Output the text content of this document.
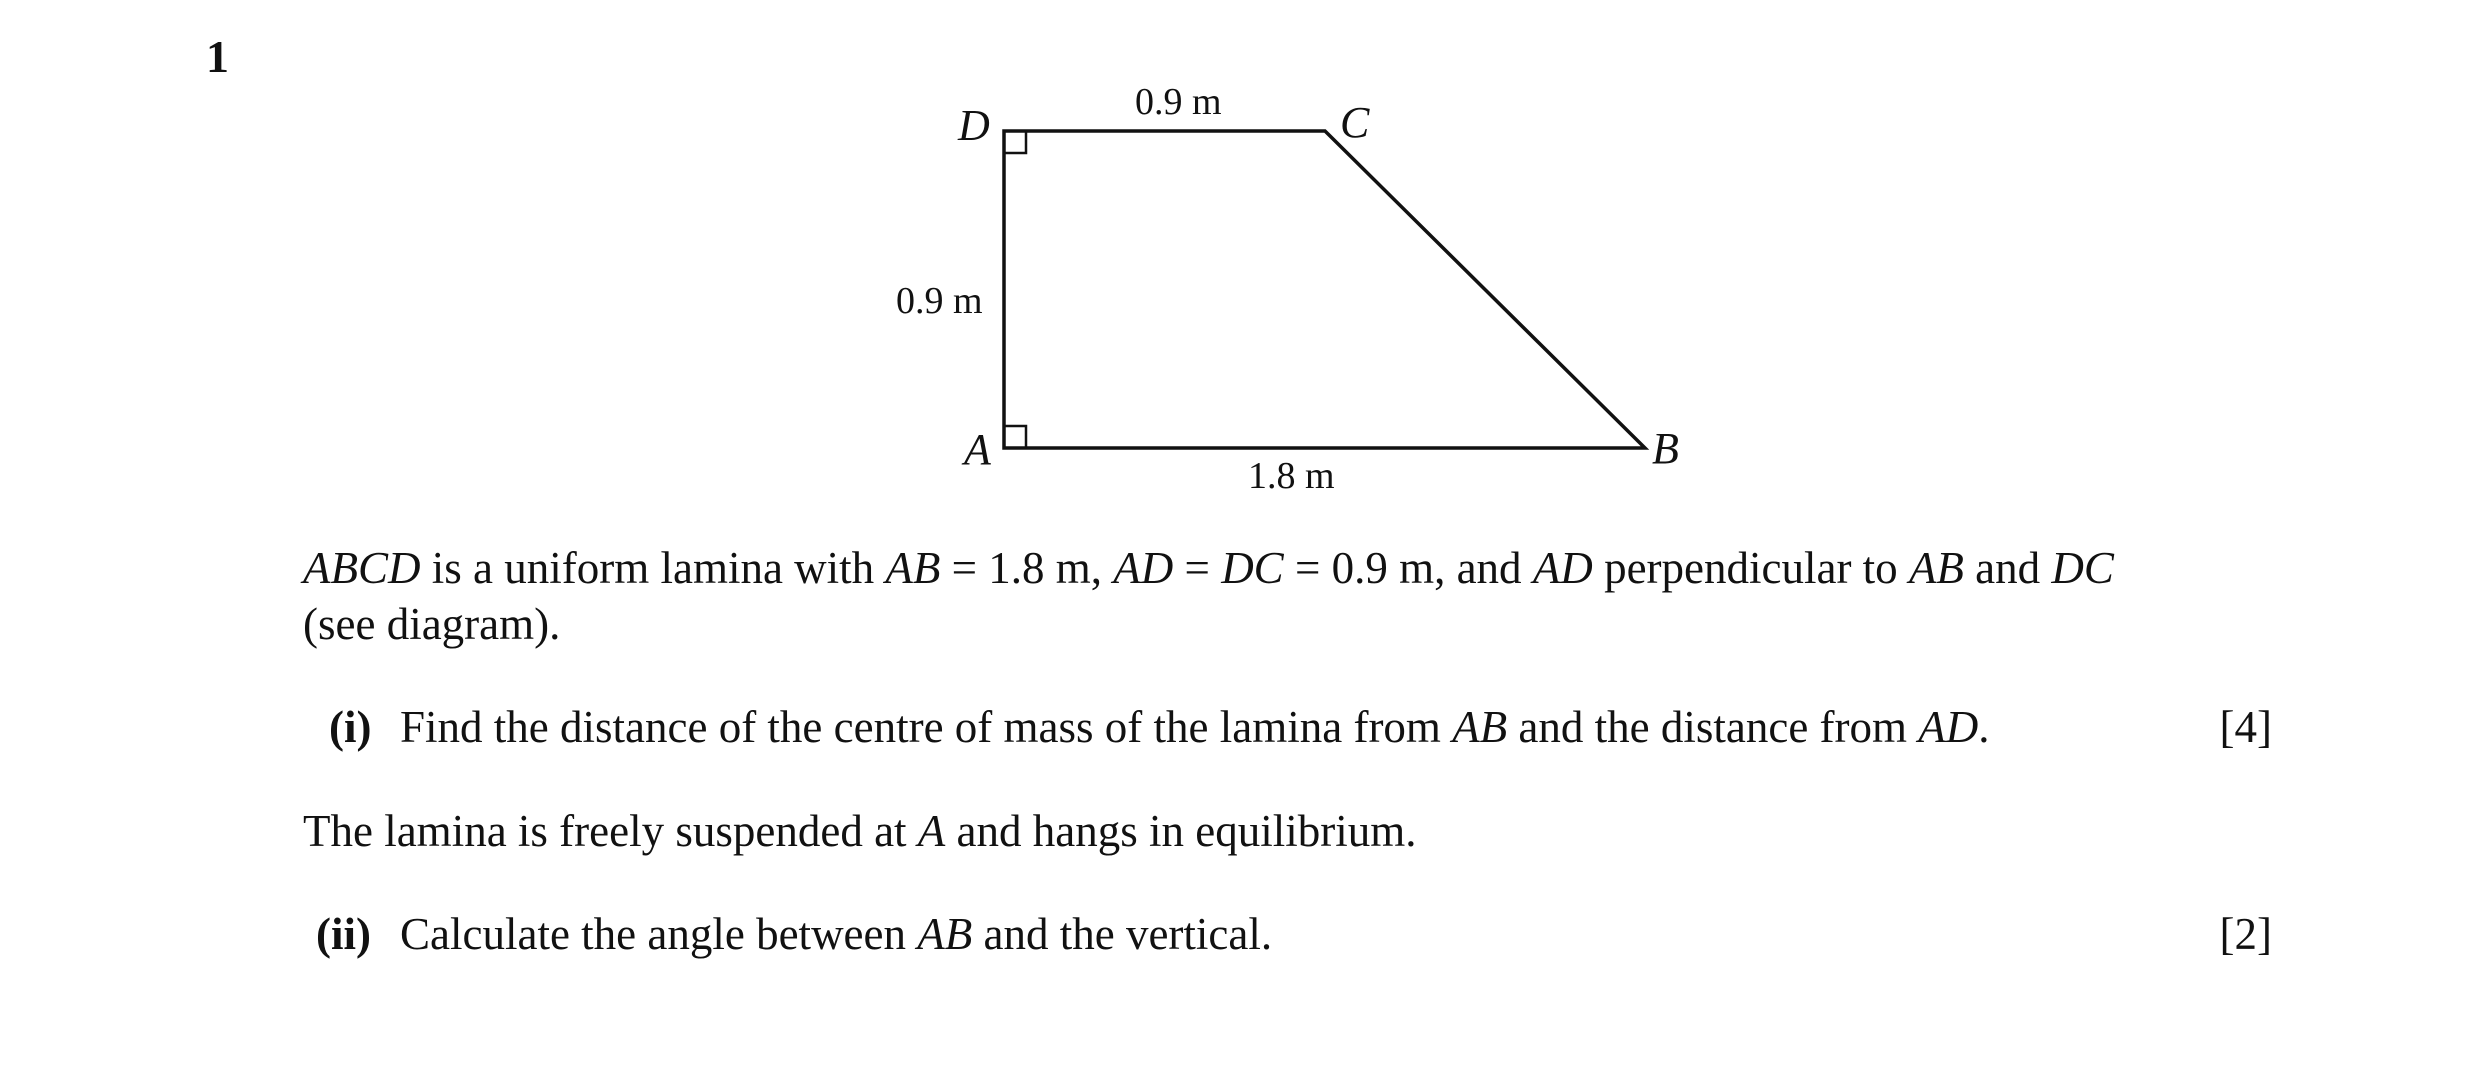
1
D	C
A	B
0.9 m
0.9 m
1.8 m
ABCD is a uniform lamina with AB = 1.8 m, AD = DC = 0.9 m, and AD perpendicular to AB and DC
(see diagram).
(i) Find the distance of the centre of mass of the lamina from AB and the distance from AD.	[4]
The lamina is freely suspended at A and hangs in equilibrium.
(ii) Calculate the angle between AB and the vertical.	[2]
